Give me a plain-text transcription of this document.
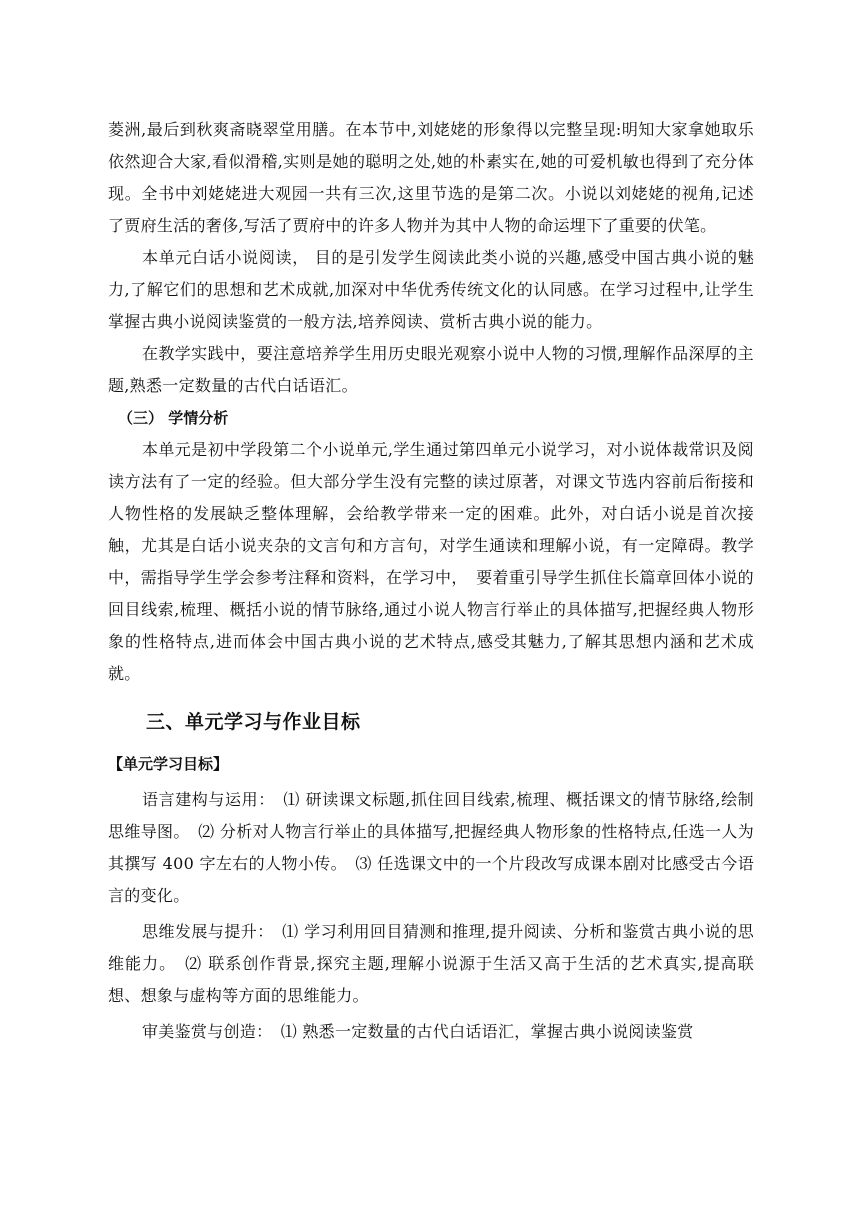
菱洲,最后到秋爽斋晓翠堂用膳。在本节中,刘姥姥的形象得以完整呈现:明知大家拿她取乐依然迎合大家,看似滑稽,实则是她的聪明之处,她的朴素实在,她的可爱机敏也得到了充分体现。全书中刘姥姥进大观园一共有三次,这里节选的是第二次。小说以刘姥姥的视角,记述了贾府生活的奢侈,写活了贾府中的许多人物并为其中人物的命运埋下了重要的伏笔。

本单元白话小说阅读， 目的是引发学生阅读此类小说的兴趣,感受中国古典小说的魅力,了解它们的思想和艺术成就,加深对中华优秀传统文化的认同感。在学习过程中,让学生掌握古典小说阅读鉴赏的一般方法,培养阅读、赏析古典小说的能力。

在教学实践中，要注意培养学生用历史眼光观察小说中人物的习惯,理解作品深厚的主题,熟悉一定数量的古代白话语汇。

（三） 学情分析

本单元是初中学段第二个小说单元,学生通过第四单元小说学习，对小说体裁常识及阅读方法有了一定的经验。但大部分学生没有完整的读过原著，对课文节选内容前后衔接和人物性格的发展缺乏整体理解，会给教学带来一定的困难。此外，对白话小说是首次接触，尤其是白话小说夹杂的文言句和方言句，对学生通读和理解小说，有一定障碍。教学中，需指导学生学会参考注释和资料，在学习中，　要着重引导学生抓住长篇章回体小说的回目线索,梳理、概括小说的情节脉络,通过小说人物言行举止的具体描写,把握经典人物形象的性格特点,进而体会中国古典小说的艺术特点,感受其魅力,了解其思想内涵和艺术成就。

三、单元学习与作业目标

【单元学习目标】

语言建构与运用：　⑴ 研读课文标题,抓住回目线索,梳理、概括课文的情节脉络,绘制思维导图。　⑵ 分析对人物言行举止的具体描写,把握经典人物形象的性格特点,任选一人为其撰写 400 字左右的人物小传。　⑶ 任选课文中的一个片段改写成课本剧对比感受古今语言的变化。

思维发展与提升：　⑴ 学习利用回目猜测和推理,提升阅读、分析和鉴赏古典小说的思维能力。　⑵ 联系创作背景,探究主题,理解小说源于生活又高于生活的艺术真实,提高联想、想象与虚构等方面的思维能力。

审美鉴赏与创造：　⑴ 熟悉一定数量的古代白话语汇，掌握古典小说阅读鉴赏
